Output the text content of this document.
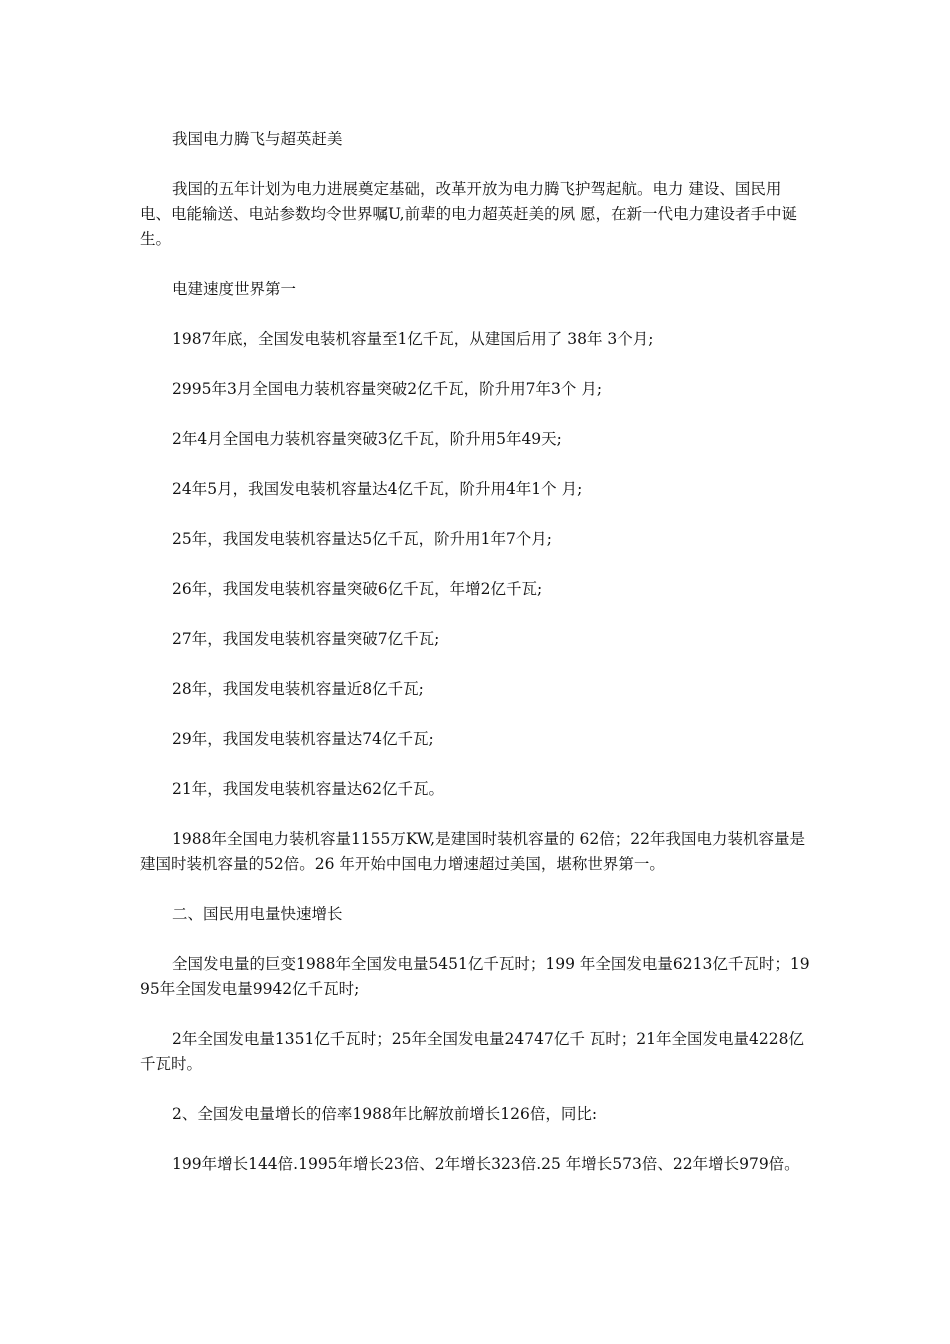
我国电力腾飞与超英赶美

我国的五年计划为电力进展奠定基础，改革开放为电力腾飞护驾起航。电力 建设、国民用电、电能输送、电站参数均令世界嘱U,前辈的电力超英赶美的夙 愿，在新一代电力建设者手中诞生。

电建速度世界第一

1987年底，全国发电装机容量至1亿千瓦，从建国后用了 38年 3个月;

2995年3月全国电力装机容量突破2亿千瓦，阶升用7年3个 月;

2年4月全国电力装机容量突破3亿千瓦，阶升用5年49天;

24年5月，我国发电装机容量达4亿千瓦，阶升用4年1个 月;

25年，我国发电装机容量达5亿千瓦，阶升用1年7个月;

26年，我国发电装机容量突破6亿千瓦，年增2亿千瓦;

27年，我国发电装机容量突破7亿千瓦;

28年，我国发电装机容量近8亿千瓦;

29年，我国发电装机容量达74亿千瓦;

21年，我国发电装机容量达62亿千瓦。

1988年全国电力装机容量1155万KW,是建国时装机容量的 62倍；22年我国电力装机容量是建国时装机容量的52倍。26 年开始中国电力增速超过美国，堪称世界第一。

二、国民用电量快速增长

全国发电量的巨变1988年全国发电量5451亿千瓦时；199 年全国发电量6213亿千瓦时；1995年全国发电量9942亿千瓦时;

2年全国发电量1351亿千瓦时；25年全国发电量24747亿千 瓦时；21年全国发电量4228亿千瓦时。

2、全国发电量增长的倍率1988年比解放前增长126倍，同比:

199年增长144倍.1995年增长23倍、2年增长323倍.25 年增长573倍、22年增长979倍。
